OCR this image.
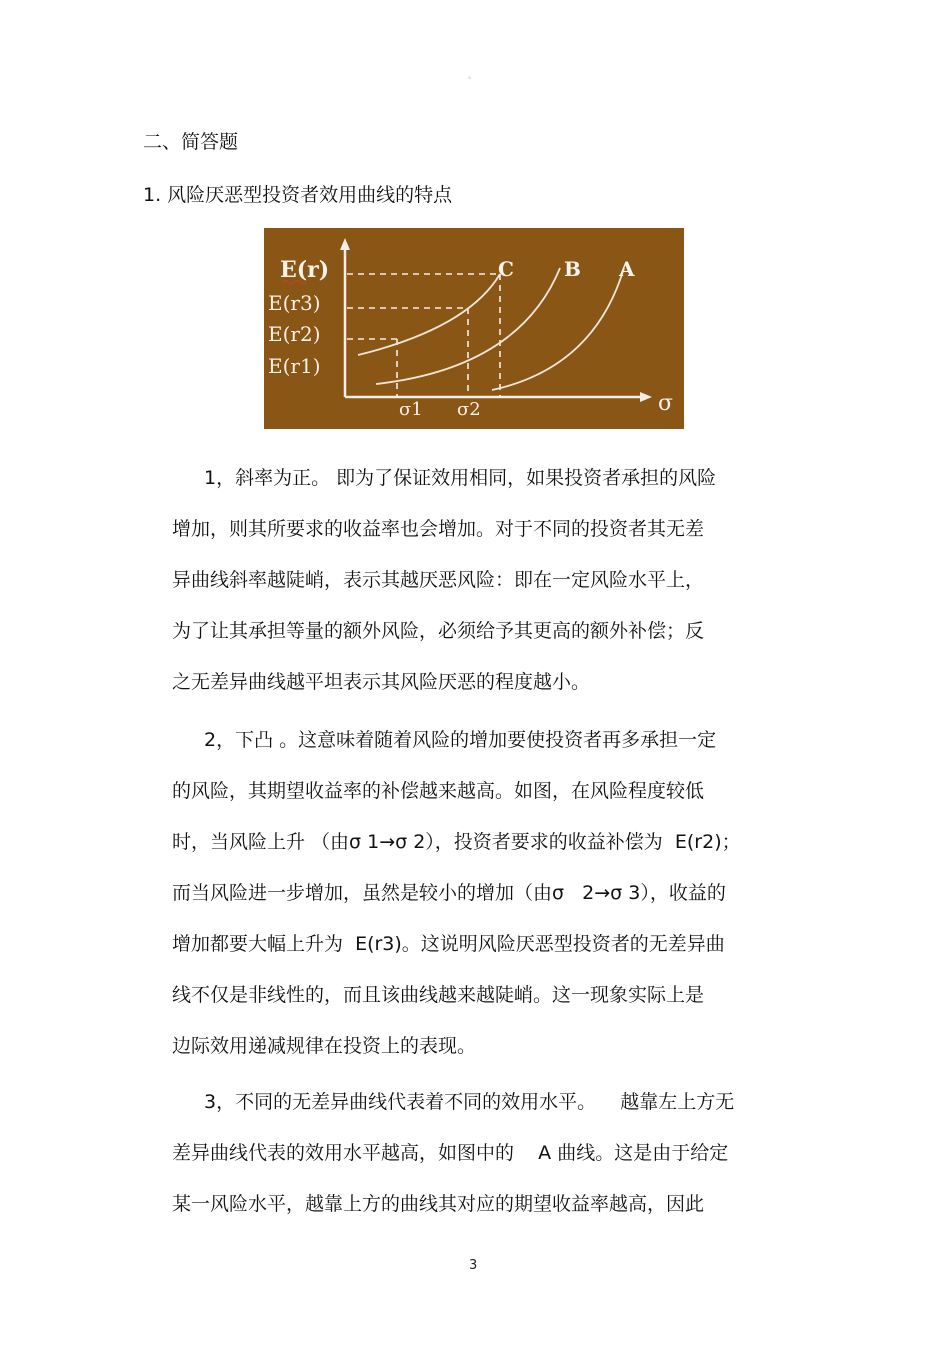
。
二、简答题
1. 风险厌恶型投资者效用曲线的特点
E(r)
E(r3)
E(r2)
E(r1)
C	B A
σ1 σ2	σ
1，斜率为正。 即为了保证效用相同，如果投资者承担的风险
增加，则其所要求的收益率也会增加。对于不同的投资者其无差
异曲线斜率越陡峭，表示其越厌恶风险：即在一定风险水平上，
为了让其承担等量的额外风险，必须给予其更高的额外补偿；反
之无差异曲线越平坦表示其风险厌恶的程度越小。
2，下凸 。这意味着随着风险的增加要使投资者再多承担一定
的风险，其期望收益率的补偿越来越高。如图，在风险程度较低
时，当风险上升 （由σ 1→σ 2），投资者要求的收益补偿为  E(r2)；
而当风险进一步增加，虽然是较小的增加（由σ   2→σ 3），收益的
增加都要大幅上升为  E(r3)。这说明风险厌恶型投资者的无差异曲
线不仅是非线性的，而且该曲线越来越陡峭。这一现象实际上是
边际效用递减规律在投资上的表现。
3，不同的无差异曲线代表着不同的效用水平。    越靠左上方无
差异曲线代表的效用水平越高，如图中的    A 曲线。这是由于给定
某一风险水平，越靠上方的曲线其对应的期望收益率越高，因此
3
